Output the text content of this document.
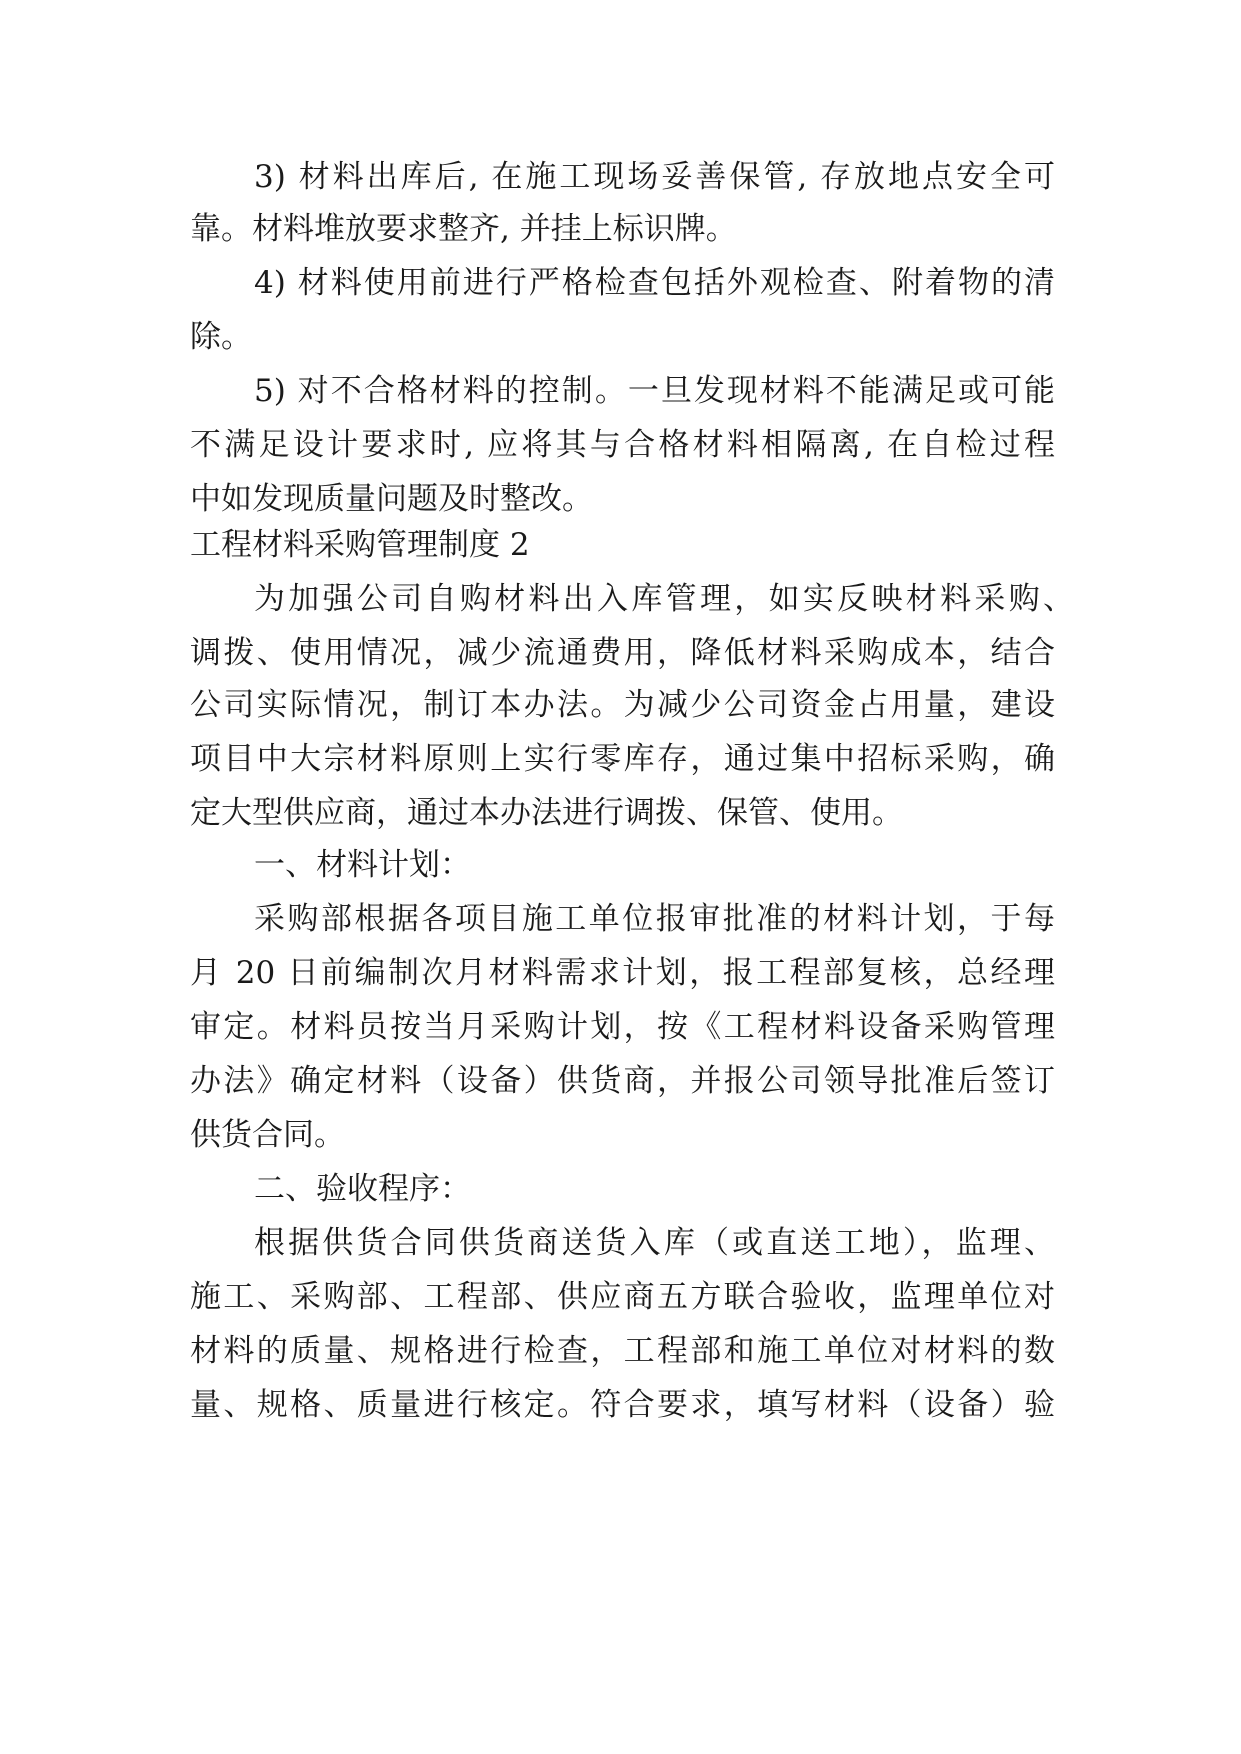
3) 材料出库后, 在施工现场妥善保管, 存放地点安全可
靠。材料堆放要求整齐, 并挂上标识牌。
4) 材料使用前进行严格检查包括外观检查、附着物的清
除。
5) 对不合格材料的控制。一旦发现材料不能满足或可能
不满足设计要求时, 应将其与合格材料相隔离, 在自检过程
中如发现质量问题及时整改。
工程材料采购管理制度 2
为加强公司自购材料出入库管理，如实反映材料采购、
调拨、使用情况，减少流通费用，降低材料采购成本，结合
公司实际情况，制订本办法。为减少公司资金占用量，建设
项目中大宗材料原则上实行零库存，通过集中招标采购，确
定大型供应商，通过本办法进行调拨、保管、使用。
一、材料计划：
采购部根据各项目施工单位报审批准的材料计划，于每
月 20 日前编制次月材料需求计划，报工程部复核，总经理
审定。材料员按当月采购计划，按《工程材料设备采购管理
办法》确定材料（设备）供货商，并报公司领导批准后签订
供货合同。
二、验收程序：
根据供货合同供货商送货入库（或直送工地），监理、
施工、采购部、工程部、供应商五方联合验收，监理单位对
材料的质量、规格进行检查，工程部和施工单位对材料的数
量、规格、质量进行核定。符合要求，填写材料（设备）验
